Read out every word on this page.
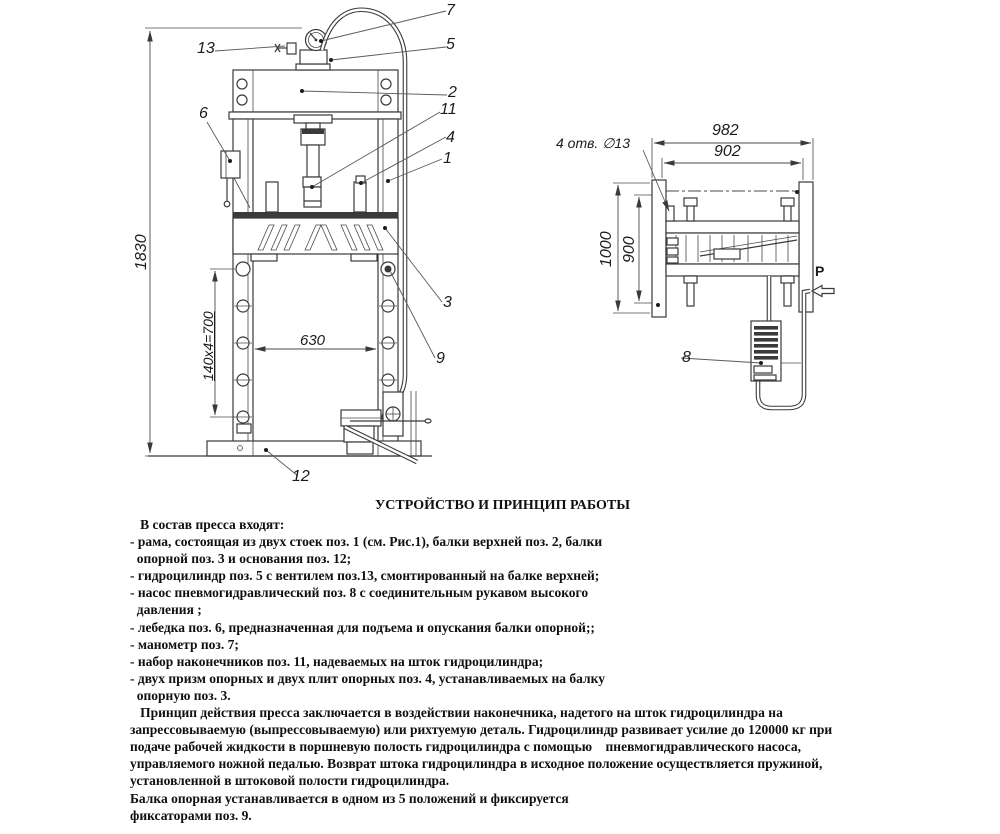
7
5
13
2
11
4
1
6
3
9
12
8
1830
140x4=700	630
982
902
1000 900
4 отв. ∅13
P
УСТРОЙСТВО И ПРИНЦИП РАБОТЫ
В состав пресса входят:
- рама, состоящая из двух стоек поз. 1 (см. Рис.1), балки верхней поз. 2, балки
опорной поз. 3 и основания поз. 12;
- гидроцилиндр поз. 5 с вентилем поз.13, смонтированный на балке верхней;
- насос пневмогидравлический поз. 8 с соединительным рукавом высокого
давления ;
- лебедка поз. 6, предназначенная для подъема и опускания балки опорной;;
- манометр поз. 7;
- набор наконечников поз. 11, надеваемых на шток гидроцилиндра;
- двух призм опорных и двух плит опорных поз. 4, устанавливаемых на балку
опорную поз. 3.
Принцип действия пресса заключается в воздействии наконечника, надетого на шток гидроцилиндра на
запрессовываемую (выпрессовываемую) или рихтуемую деталь. Гидроцилиндр развивает усилие до 120000 кг при
подаче рабочей жидкости в поршневую полость гидроцилиндра с помощью    пневмогидравлического насоса,
управляемого ножной педалью. Возврат штока гидроцилиндра в исходное положение осуществляется пружиной,
установленной в штоковой полости гидроцилиндра.
Балка опорная устанавливается в одном из 5 положений и фиксируется
фиксаторами поз. 9.
